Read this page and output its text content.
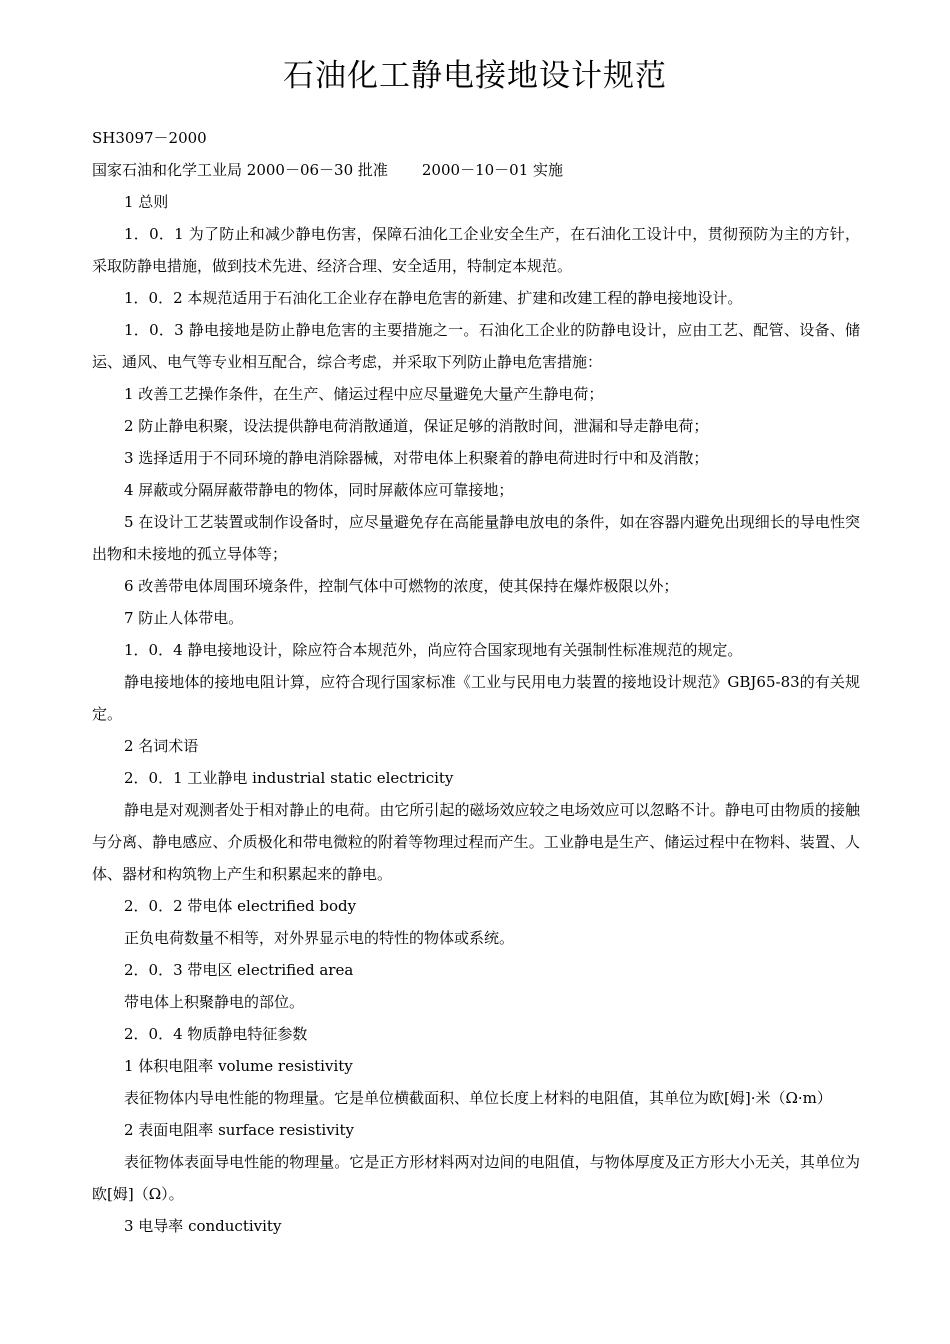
石油化工静电接地设计规范

SH3097－2000

国家石油和化学工业局 2000－06－30 批准 2000－10－01 实施

1 总则

1．0．1 为了防止和减少静电伤害，保障石油化工企业安全生产，在石油化工设计中，贯彻预防为主的方针，采取防静电措施，做到技术先进、经济合理、安全适用，特制定本规范。

1．0．2 本规范适用于石油化工企业存在静电危害的新建、扩建和改建工程的静电接地设计。

1．0．3 静电接地是防止静电危害的主要措施之一。石油化工企业的防静电设计，应由工艺、配管、设备、储运、通风、电气等专业相互配合，综合考虑，并采取下列防止静电危害措施：

1 改善工艺操作条件，在生产、储运过程中应尽量避免大量产生静电荷；

2 防止静电积聚，设法提供静电荷消散通道，保证足够的消散时间，泄漏和导走静电荷；

3 选择适用于不同环境的静电消除器械，对带电体上积聚着的静电荷进时行中和及消散；

4 屏蔽或分隔屏蔽带静电的物体，同时屏蔽体应可靠接地；

5 在设计工艺装置或制作设备时，应尽量避免存在高能量静电放电的条件，如在容器内避免出现细长的导电性突出物和未接地的孤立导体等；

6 改善带电体周围环境条件，控制气体中可燃物的浓度，使其保持在爆炸极限以外；

7 防止人体带电。

1．0．4 静电接地设计，除应符合本规范外，尚应符合国家现地有关强制性标准规范的规定。

静电接地体的接地电阻计算，应符合现行国家标准《工业与民用电力装置的接地设计规范》GBJ65-83的有关规定。

2 名词术语

2．0．1 工业静电 industrial static electricity

静电是对观测者处于相对静止的电荷。由它所引起的磁场效应较之电场效应可以忽略不计。静电可由物质的接触与分离、静电感应、介质极化和带电微粒的附着等物理过程而产生。工业静电是生产、储运过程中在物料、装置、人体、器材和构筑物上产生和积累起来的静电。

2．0．2 带电体 electrified body

正负电荷数量不相等，对外界显示电的特性的物体或系统。

2．0．3 带电区 electrified area

带电体上积聚静电的部位。

2．0．4 物质静电特征参数

1 体积电阻率 volume resistivity

表征物体内导电性能的物理量。它是单位横截面积、单位长度上材料的电阻值，其单位为欧[姆]·米（Ω·m）

2 表面电阻率 surface resistivity

表征物体表面导电性能的物理量。它是正方形材料两对边间的电阻值，与物体厚度及正方形大小无关，其单位为欧[姆]（Ω）。

3 电导率 conductivity
